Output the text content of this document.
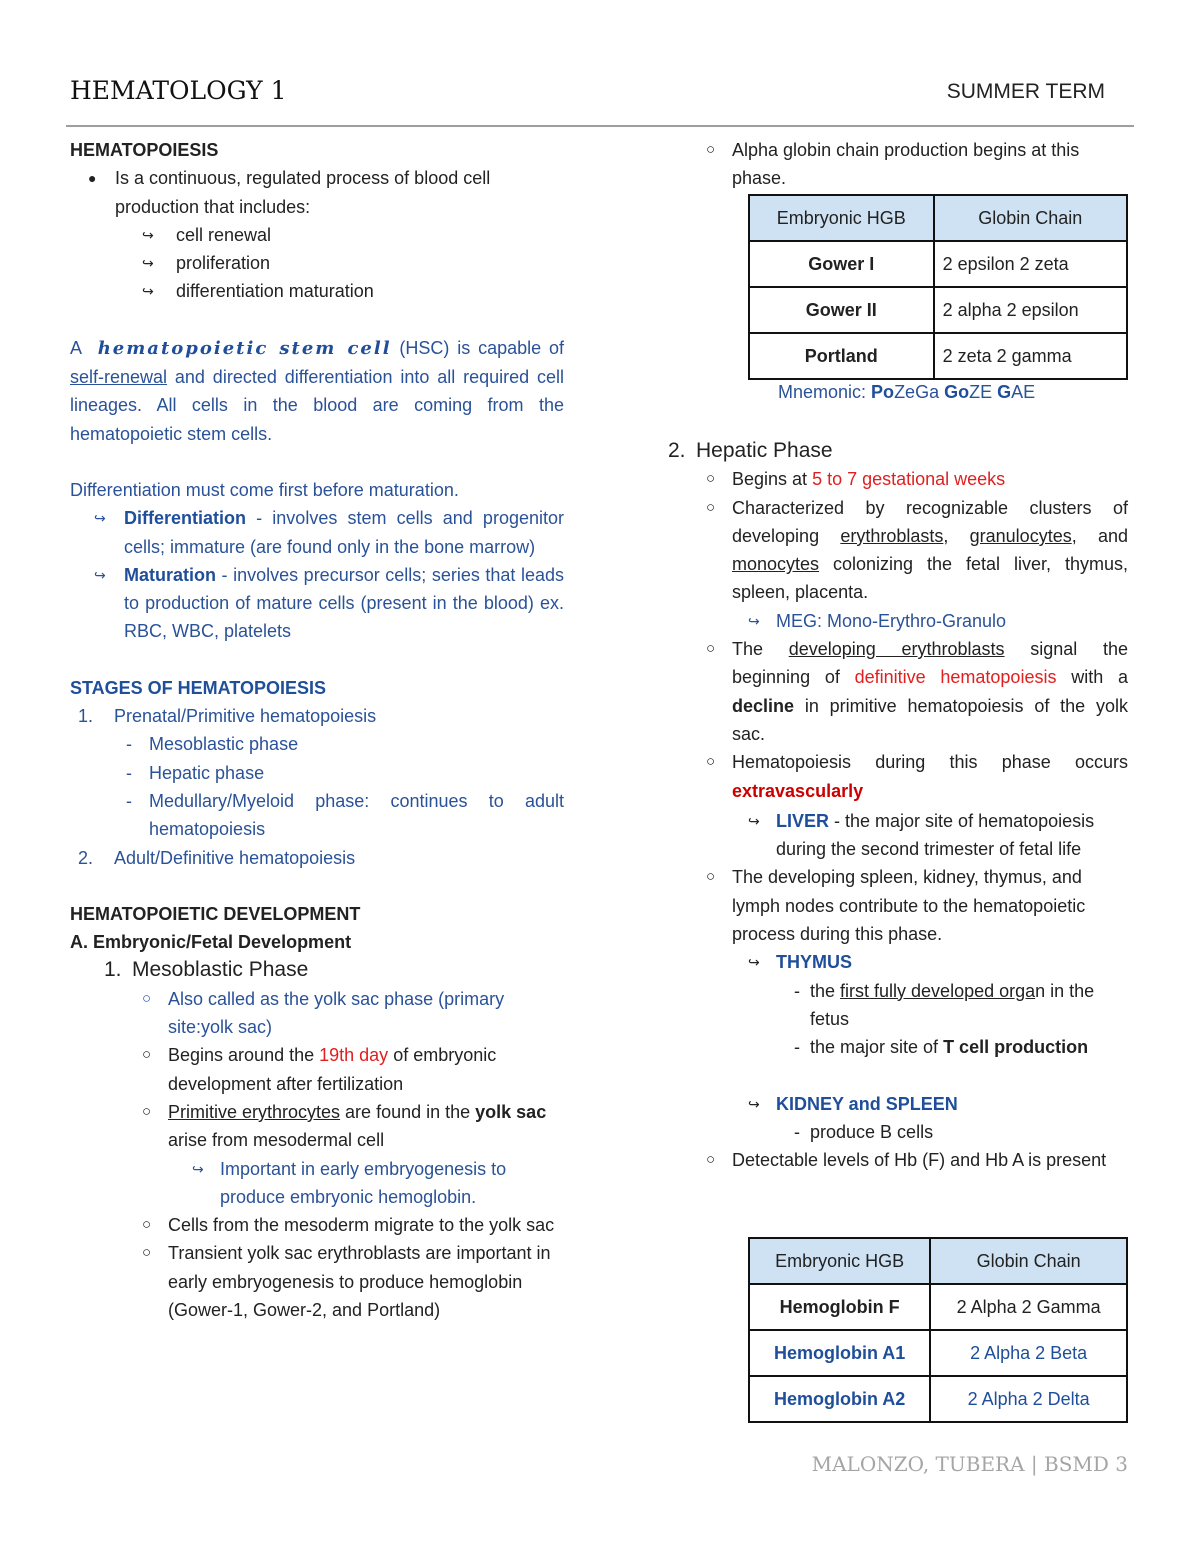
HEMATOLOGY 1	SUMMER TERM

HEMATOPOIESIS

● Is a continuous, regulated process of blood cell production that includes:
↪ cell renewal
↪ proliferation
↪ differentiation maturation

A hematopoietic stem cell (HSC) is capable of self-renewal and directed differentiation into all required cell lineages. All cells in the blood are coming from the hematopoietic stem cells.

Differentiation must come first before maturation.

↪ Differentiation - involves stem cells and progenitor cells; immature (are found only in the bone marrow)
↪ Maturation - involves precursor cells; series that leads to production of mature cells (present in the blood) ex. RBC, WBC, platelets

STAGES OF HEMATOPOIESIS

1. Prenatal/Primitive hematopoiesis
- Mesoblastic phase
- Hepatic phase
- Medullary/Myeloid phase: continues to adult hematopoiesis
2. Adult/Definitive hematopoiesis

HEMATOPOIETIC DEVELOPMENT

A. Embryonic/Fetal Development

1. Mesoblastic Phase
○ Also called as the yolk sac phase (primary site:yolk sac)
○ Begins around the 19th day of embryonic development after fertilization
○ Primitive erythrocytes are found in the yolk sac arise from mesodermal cell
↪ Important in early embryogenesis to produce embryonic hemoglobin.
○ Cells from the mesoderm migrate to the yolk sac
○ Transient yolk sac erythroblasts are important in early embryogenesis to produce hemoglobin (Gower-1, Gower-2, and Portland)
○ Alpha globin chain production begins at this phase.
Embryonic HGB	Globin Chain
Gower I	2 epsilon 2 zeta
Gower II	2 alpha 2 epsilon
Portland	2 zeta 2 gamma
Mnemonic: PoZeGa GoZE GAE
2. Hepatic Phase
○ Begins at 5 to 7 gestational weeks
○ Characterized by recognizable clusters of developing erythroblasts, granulocytes, and monocytes colonizing the fetal liver, thymus, spleen, placenta.
↪ MEG: Mono-Erythro-Granulo
○ The developing erythroblasts signal the beginning of definitive hematopoiesis with a decline in primitive hematopoiesis of the yolk sac.
○ Hematopoiesis during this phase occurs extravascularly
↪ LIVER - the major site of hematopoiesis during the second trimester of fetal life
○ The developing spleen, kidney, thymus, and lymph nodes contribute to the hematopoietic process during this phase.
↪ THYMUS
- the first fully developed organ in the fetus
- the major site of T cell production
↪ KIDNEY and SPLEEN
- produce B cells
○ Detectable levels of Hb (F) and Hb A is present
Embryonic HGB	Globin Chain
Hemoglobin F	2 Alpha 2 Gamma
Hemoglobin A1	2 Alpha 2 Beta
Hemoglobin A2	2 Alpha 2 Delta
MALONZO, TUBERA | BSMD 3
